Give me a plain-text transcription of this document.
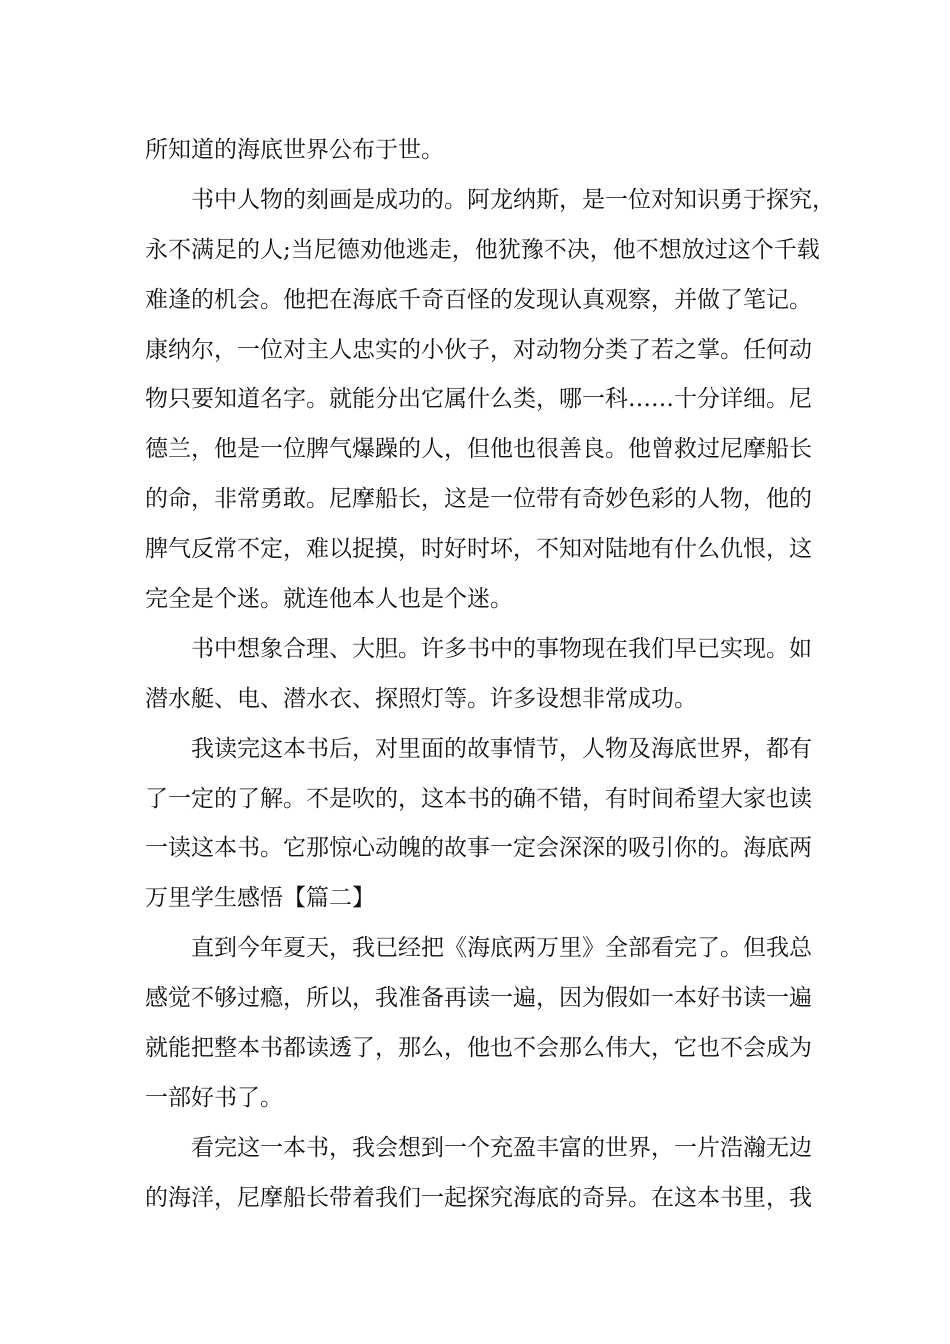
所知道的海底世界公布于世。
书中人物的刻画是成功的。阿龙纳斯，是一位对知识勇于探究，
永不满足的人;当尼德劝他逃走，他犹豫不决，他不想放过这个千载
难逢的机会。他把在海底千奇百怪的发现认真观察，并做了笔记。
康纳尔，一位对主人忠实的小伙子，对动物分类了若之掌。任何动
物只要知道名字。就能分出它属什么类，哪一科……十分详细。尼
德兰，他是一位脾气爆躁的人，但他也很善良。他曾救过尼摩船长
的命，非常勇敢。尼摩船长，这是一位带有奇妙色彩的人物，他的
脾气反常不定，难以捉摸，时好时坏，不知对陆地有什么仇恨，这
完全是个迷。就连他本人也是个迷。
书中想象合理、大胆。许多书中的事物现在我们早已实现。如
潜水艇、电、潜水衣、探照灯等。许多设想非常成功。
我读完这本书后，对里面的故事情节，人物及海底世界，都有
了一定的了解。不是吹的，这本书的确不错，有时间希望大家也读
一读这本书。它那惊心动魄的故事一定会深深的吸引你的。海底两
万里学生感悟【篇二】
直到今年夏天，我已经把《海底两万里》全部看完了。但我总
感觉不够过瘾，所以，我准备再读一遍，因为假如一本好书读一遍
就能把整本书都读透了，那么，他也不会那么伟大，它也不会成为
一部好书了。
看完这一本书，我会想到一个充盈丰富的世界，一片浩瀚无边
的海洋，尼摩船长带着我们一起探究海底的奇异。在这本书里，我
